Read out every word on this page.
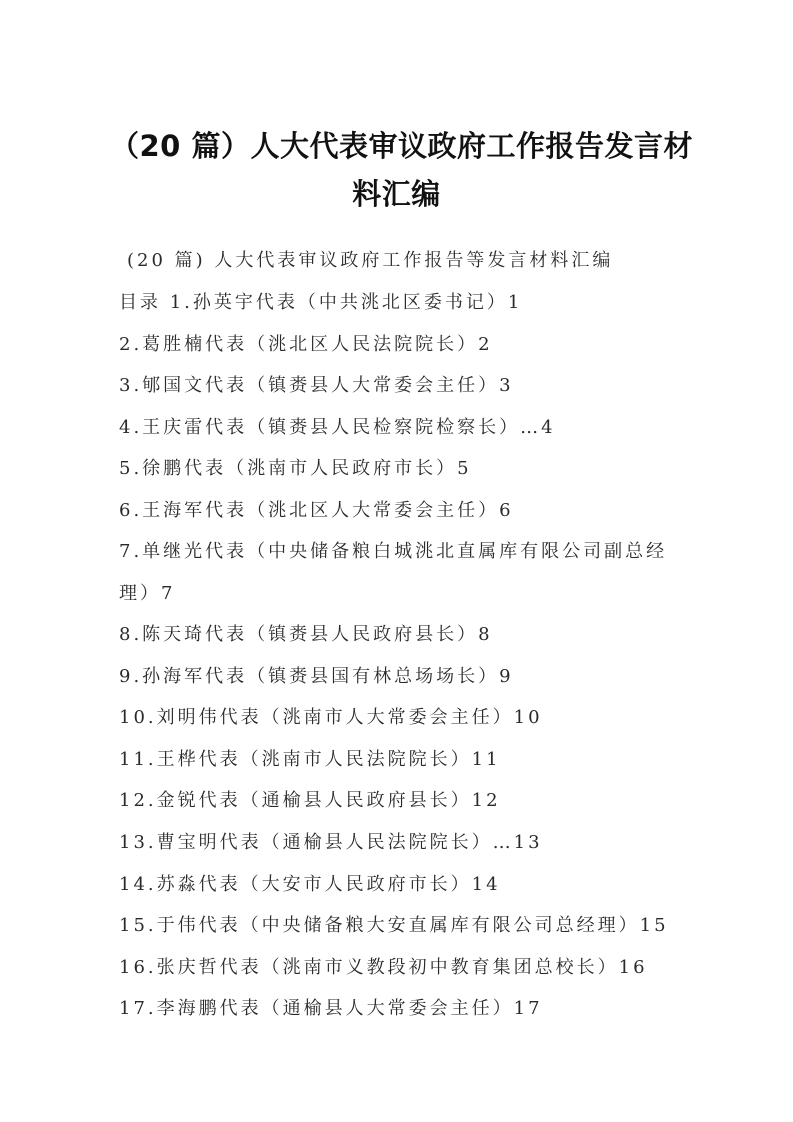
（20 篇）人大代表审议政府工作报告发言材
料汇编
(20 篇) 人大代表审议政府工作报告等发言材料汇编
目录 1.孙英宇代表（中共洮北区委书记）1
2.葛胜楠代表（洮北区人民法院院长）2
3.郇国文代表（镇赉县人大常委会主任）3
4.王庆雷代表（镇赉县人民检察院检察长）…4
5.徐鹏代表（洮南市人民政府市长）5
6.王海军代表（洮北区人大常委会主任）6
7.单继光代表（中央储备粮白城洮北直属库有限公司副总经
理）7
8.陈天琦代表（镇赉县人民政府县长）8
9.孙海军代表（镇赉县国有林总场场长）9
10.刘明伟代表（洮南市人大常委会主任）10
11.王桦代表（洮南市人民法院院长）11
12.金锐代表（通榆县人民政府县长）12
13.曹宝明代表（通榆县人民法院院长）…13
14.苏淼代表（大安市人民政府市长）14
15.于伟代表（中央储备粮大安直属库有限公司总经理）15
16.张庆哲代表（洮南市义教段初中教育集团总校长）16
17.李海鹏代表（通榆县人大常委会主任）17
